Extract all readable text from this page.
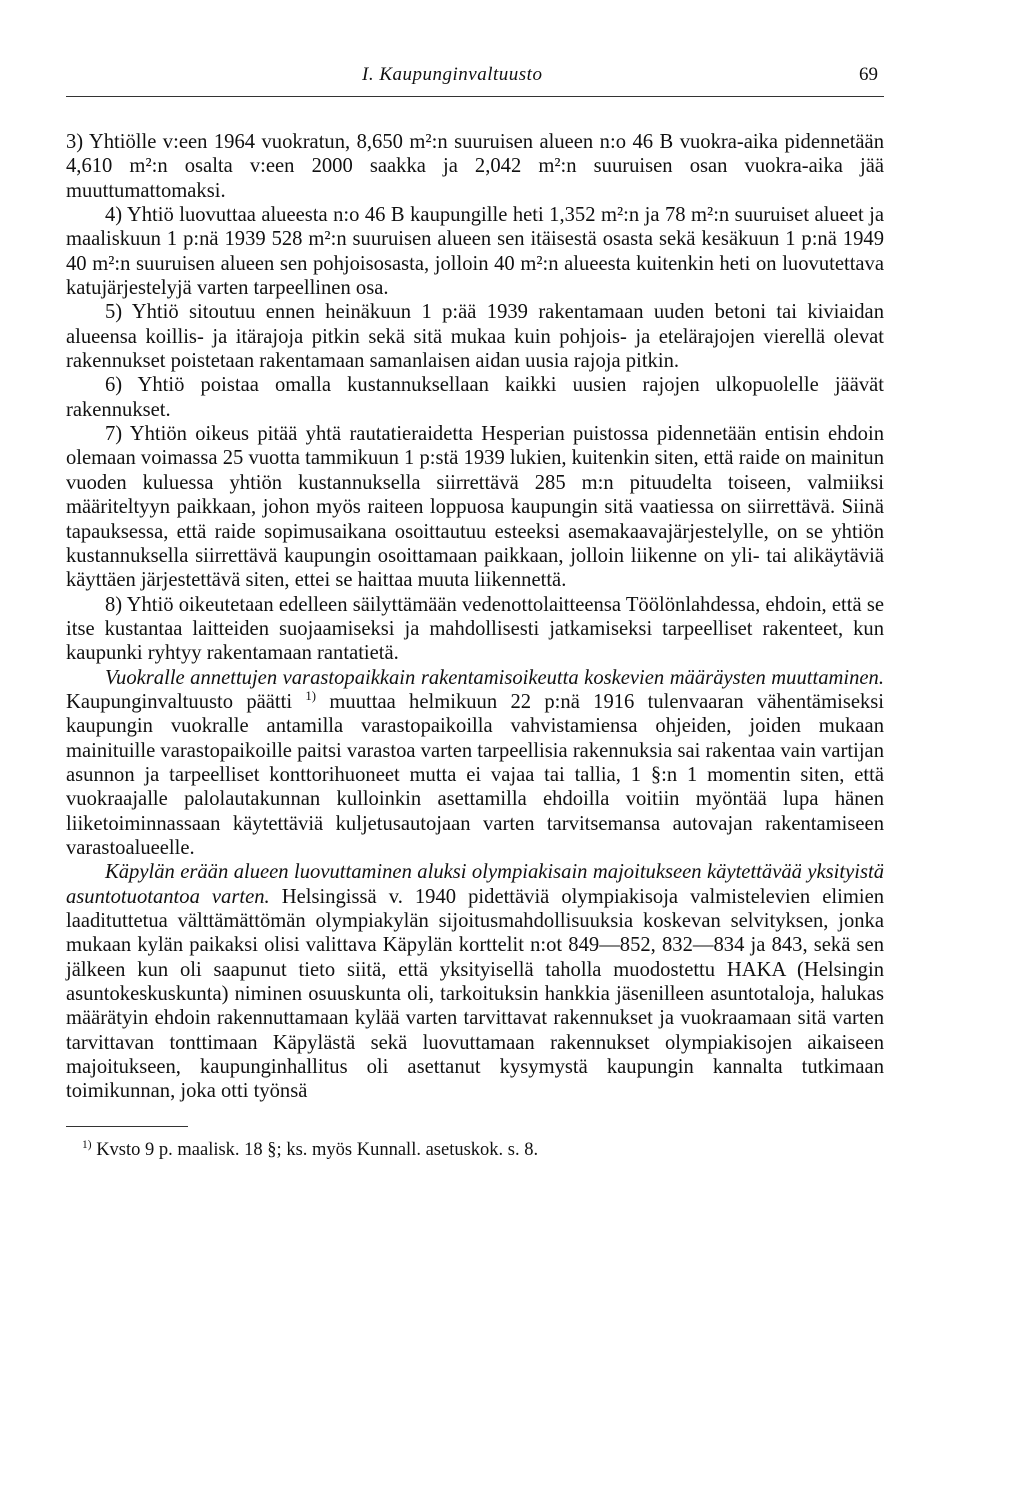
I. Kaupunginvaltuusto	69

3) Yhtiölle v:een 1964 vuokratun, 8,650 m²:n suuruisen alueen n:o 46 B vuokra-aika pidennetään 4,610 m²:n osalta v:een 2000 saakka ja 2,042 m²:n suuruisen osan vuokra-aika jää muuttumattomaksi.

4) Yhtiö luovuttaa alueesta n:o 46 B kaupungille heti 1,352 m²:n ja 78 m²:n suuruiset alueet ja maaliskuun 1 p:nä 1939 528 m²:n suuruisen alueen sen itäisestä osasta sekä kesäkuun 1 p:nä 1949 40 m²:n suuruisen alueen sen pohjoisosasta, jolloin 40 m²:n alueesta kuitenkin heti on luovutettava katujärjestelyjä varten tarpeellinen osa.

5) Yhtiö sitoutuu ennen heinäkuun 1 p:ää 1939 rakentamaan uuden betoni tai kiviaidan alueensa koillis- ja itärajoja pitkin sekä sitä mukaa kuin pohjois- ja etelärajojen vierellä olevat rakennukset poistetaan rakentamaan samanlaisen aidan uusia rajoja pitkin.

6) Yhtiö poistaa omalla kustannuksellaan kaikki uusien rajojen ulkopuolelle jäävät rakennukset.

7) Yhtiön oikeus pitää yhtä rautatieraidetta Hesperian puistossa pidennetään entisin ehdoin olemaan voimassa 25 vuotta tammikuun 1 p:stä 1939 lukien, kuitenkin siten, että raide on mainitun vuoden kuluessa yhtiön kustannuksella siirrettävä 285 m:n pituudelta toiseen, valmiiksi määriteltyyn paikkaan, johon myös raiteen loppuosa kaupungin sitä vaatiessa on siirrettävä. Siinä tapauksessa, että raide sopimusaikana osoittautuu esteeksi asemakaavajärjestelylle, on se yhtiön kustannuksella siirrettävä kaupungin osoittamaan paikkaan, jolloin liikenne on yli- tai alikäytäviä käyttäen järjestettävä siten, ettei se haittaa muuta liikennettä.

8) Yhtiö oikeutetaan edelleen säilyttämään vedenottolaitteensa Töölönlahdessa, ehdoin, että se itse kustantaa laitteiden suojaamiseksi ja mahdollisesti jatkamiseksi tarpeelliset rakenteet, kun kaupunki ryhtyy rakentamaan rantatietä.

Vuokralle annettujen varastopaikkain rakentamisoikeutta koskevien määräysten muuttaminen. Kaupunginvaltuusto päätti $^{1)}$ muuttaa helmikuun 22 p:nä 1916 tulenvaaran vähentämiseksi kaupungin vuokralle antamilla varastopaikoilla vahvistamiensa ohjeiden, joiden mukaan mainituille varastopaikoille paitsi varastoa varten tarpeellisia rakennuksia sai rakentaa vain vartijan asunnon ja tarpeelliset konttorihuoneet mutta ei vajaa tai tallia, 1 §:n 1 momentin siten, että vuokraajalle palolautakunnan kulloinkin asettamilla ehdoilla voitiin myöntää lupa hänen liiketoiminnassaan käytettäviä kuljetusautojaan varten tarvitsemansa autovajan rakentamiseen varastoalueelle.

Käpylän erään alueen luovuttaminen aluksi olympiakisain majoitukseen käytettävää yksityistä asuntotuotantoa varten. Helsingissä v. 1940 pidettäviä olympiakisoja valmistelevien elimien laadituttetua välttämättömän olympiakylän sijoitusmahdollisuuksia koskevan selvityksen, jonka mukaan kylän paikaksi olisi valittava Käpylän korttelit n:ot 849—852, 832—834 ja 843, sekä sen jälkeen kun oli saapunut tieto siitä, että yksityisellä taholla muodostettu HAKA (Helsingin asuntokeskuskunta) niminen osuuskunta oli, tarkoituksin hankkia jäsenilleen asuntotaloja, halukas määrätyin ehdoin rakennuttamaan kylää varten tarvittavat rakennukset ja vuokraamaan sitä varten tarvittavan tonttimaan Käpylästä sekä luovuttamaan rakennukset olympiakisojen aikaiseen majoitukseen, kaupunginhallitus oli asettanut kysymystä kaupungin kannalta tutkimaan toimikunnan, joka otti työnsä

$^{1)}$ Kvsto 9 p. maalisk. 18 §; ks. myös Kunnall. asetuskok. s. 8.
